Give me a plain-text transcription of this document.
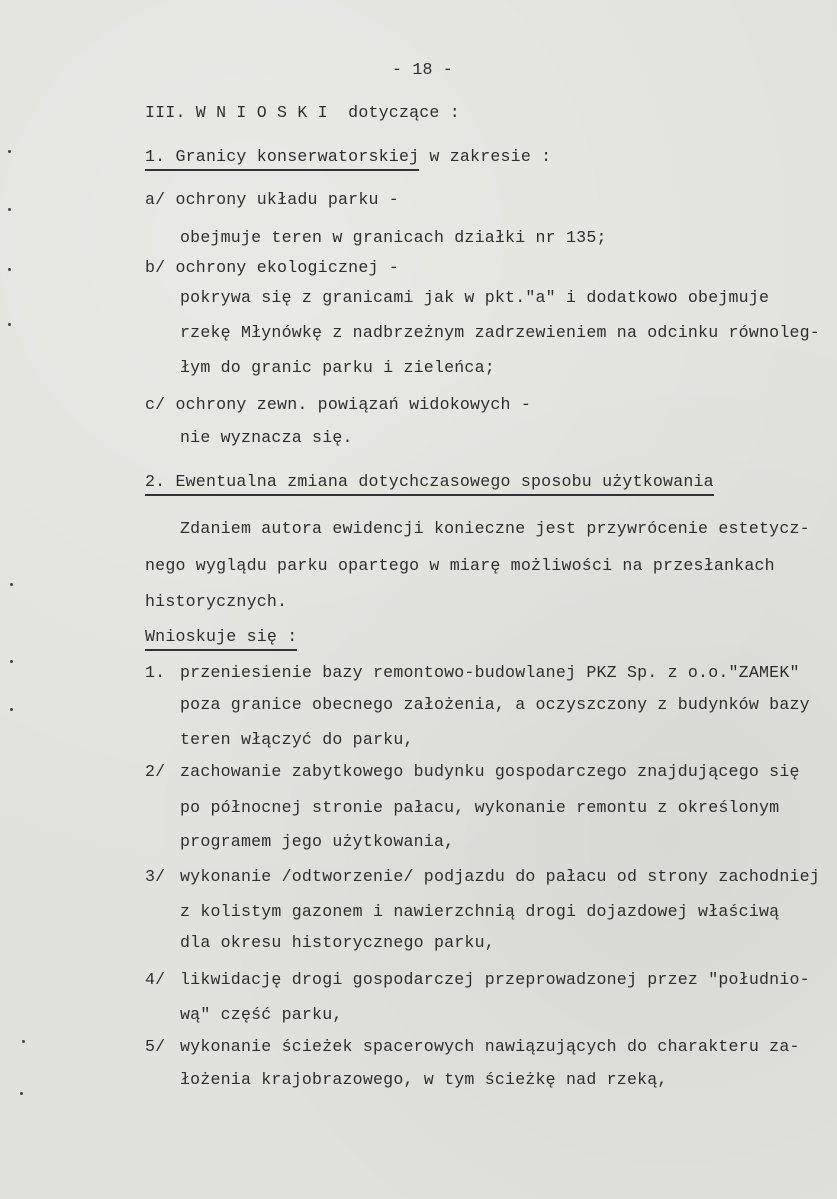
- 18 -
III. W N I O S K I  dotyczące :
1. Granicy konserwatorskiej w zakresie :
a/ ochrony układu parku -
obejmuje teren w granicach działki nr 135;
b/ ochrony ekologicznej -
pokrywa się z granicami jak w pkt."a" i dodatkowo obejmuje
rzekę Młynówkę z nadbrzeżnym zadrzewieniem na odcinku równoleg-
łym do granic parku i zieleńca;
c/ ochrony zewn. powiązań widokowych -
nie wyznacza się.
2. Ewentualna zmiana dotychczasowego sposobu użytkowania
Zdaniem autora ewidencji konieczne jest przywrócenie estetycz-
nego wyglądu parku opartego w miarę możliwości na przesłankach
historycznych.
Wnioskuje się :
1. przeniesienie bazy remontowo-budowlanej PKZ Sp. z o.o."ZAMEK"
poza granice obecnego założenia, a oczyszczony z budynków bazy
teren włączyć do parku,
2/ zachowanie zabytkowego budynku gospodarczego znajdującego się
po północnej stronie pałacu, wykonanie remontu z określonym
programem jego użytkowania,
3/ wykonanie /odtworzenie/ podjazdu do pałacu od strony zachodniej
z kolistym gazonem i nawierzchnią drogi dojazdowej właściwą
dla okresu historycznego parku,
4/ likwidację drogi gospodarczej przeprowadzonej przez "południo-
wą" część parku,
5/ wykonanie ścieżek spacerowych nawiązujących do charakteru za-
łożenia krajobrazowego, w tym ścieżkę nad rzeką,
